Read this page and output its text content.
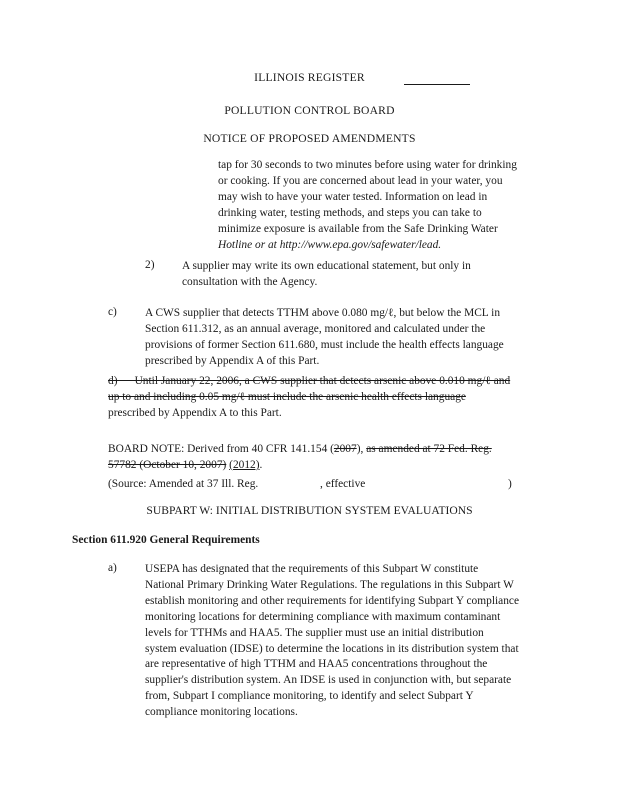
ILLINOIS REGISTER
POLLUTION CONTROL BOARD
NOTICE OF PROPOSED AMENDMENTS
tap for 30 seconds to two minutes before using water for drinking
or cooking. If you are concerned about lead in your water, you
may wish to have your water tested. Information on lead in
drinking water, testing methods, and steps you can take to
minimize exposure is available from the Safe Drinking Water
Hotline or at http://www.epa.gov/safewater/lead.
2) A supplier may write its own educational statement, but only in
consultation with the Agency.
c) A CWS supplier that detects TTHM above 0.080 mg/ℓ, but below the MCL in
Section 611.312, as an annual average, monitored and calculated under the
provisions of former Section 611.680, must include the health effects language
prescribed by Appendix A of this Part.
d)      Until January 22, 2006, a CWS supplier that detects arsenic above 0.010 mg/ℓ and
up to and including 0.05 mg/ℓ must include the arsenic health effects language
prescribed by Appendix A to this Part.
BOARD NOTE: Derived from 40 CFR 141.154 (2007), as amended at 72 Fed. Reg.
57782 (October 10, 2007) (2012).
(Source: Amended at 37 Ill. Reg.	, effective	)
SUBPART W: INITIAL DISTRIBUTION SYSTEM EVALUATIONS
Section 611.920 General Requirements
a) USEPA has designated that the requirements of this Subpart W constitute
National Primary Drinking Water Regulations. The regulations in this Subpart W
establish monitoring and other requirements for identifying Subpart Y compliance
monitoring locations for determining compliance with maximum contaminant
levels for TTHMs and HAA5. The supplier must use an initial distribution
system evaluation (IDSE) to determine the locations in its distribution system that
are representative of high TTHM and HAA5 concentrations throughout the
supplier's distribution system. An IDSE is used in conjunction with, but separate
from, Subpart I compliance monitoring, to identify and select Subpart Y
compliance monitoring locations.
